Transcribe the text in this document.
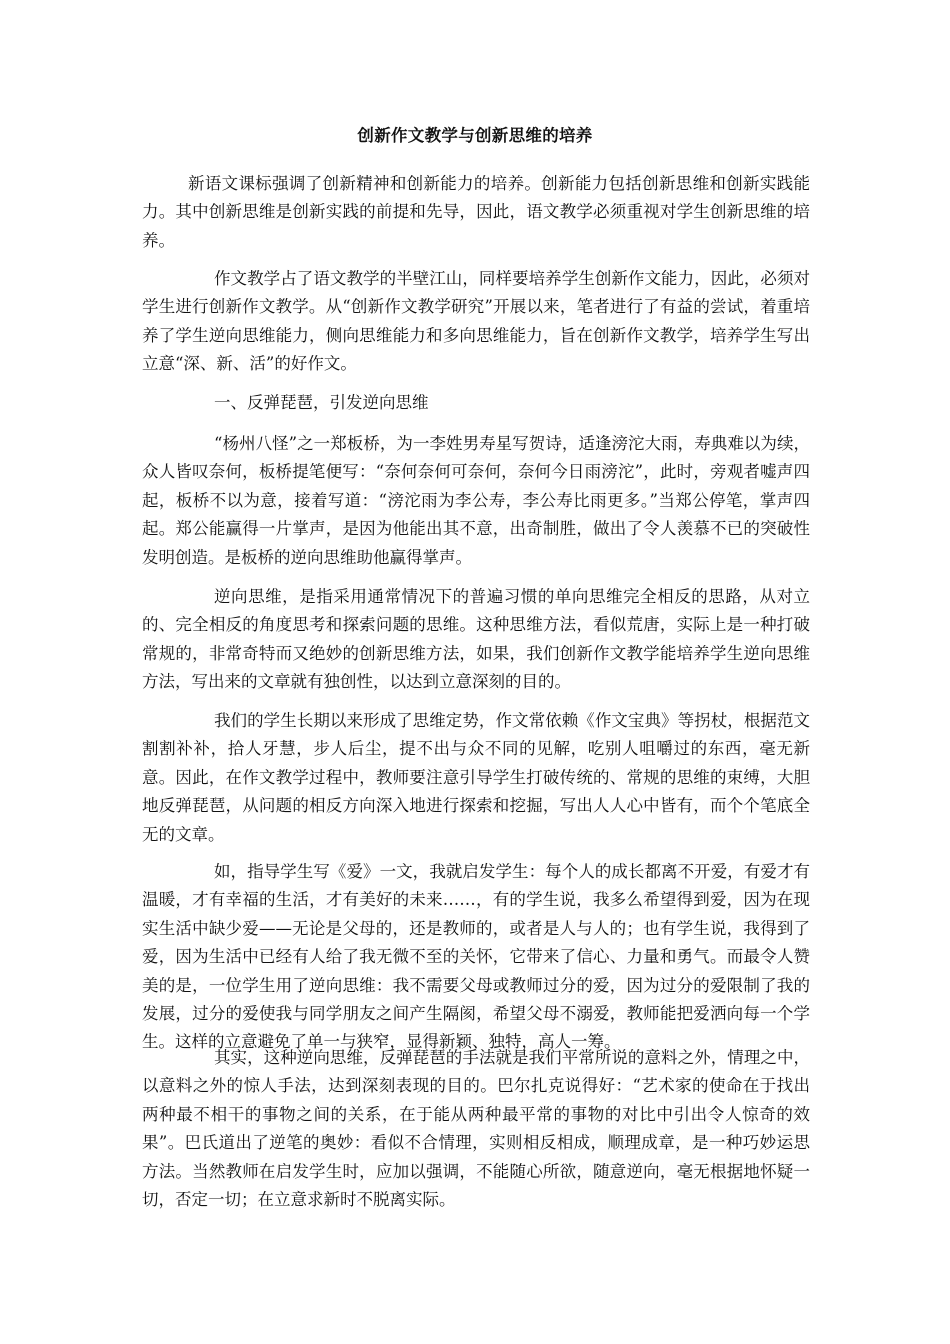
创新作文教学与创新思维的培养

新语文课标强调了创新精神和创新能力的培养。创新能力包括创新思维和创新实践能力。其中创新思维是创新实践的前提和先导，因此，语文教学必须重视对学生创新思维的培养。

作文教学占了语文教学的半壁江山，同样要培养学生创新作文能力，因此，必须对学生进行创新作文教学。从“创新作文教学研究”开展以来，笔者进行了有益的尝试，着重培养了学生逆向思维能力，侧向思维能力和多向思维能力，旨在创新作文教学，培养学生写出立意“深、新、活”的好作文。

一、反弹琵琶，引发逆向思维

“杨州八怪”之一郑板桥，为一李姓男寿星写贺诗，适逢滂沱大雨，寿典难以为续，众人皆叹奈何，板桥提笔便写：“奈何奈何可奈何，奈何今日雨滂沱”，此时，旁观者嘘声四起，板桥不以为意，接着写道：“滂沱雨为李公寿，李公寿比雨更多。”当郑公停笔，掌声四起。郑公能赢得一片掌声，是因为他能出其不意，出奇制胜，做出了令人羡慕不已的突破性发明创造。是板桥的逆向思维助他赢得掌声。

逆向思维，是指采用通常情况下的普遍习惯的单向思维完全相反的思路，从对立的、完全相反的角度思考和探索问题的思维。这种思维方法，看似荒唐，实际上是一种打破常规的，非常奇特而又绝妙的创新思维方法，如果，我们创新作文教学能培养学生逆向思维方法，写出来的文章就有独创性，以达到立意深刻的目的。

我们的学生长期以来形成了思维定势，作文常依赖《作文宝典》等拐杖，根据范文割割补补，拾人牙慧，步人后尘，提不出与众不同的见解，吃别人咀嚼过的东西，毫无新意。因此，在作文教学过程中，教师要注意引导学生打破传统的、常规的思维的束缚，大胆地反弹琵琶，从问题的相反方向深入地进行探索和挖掘，写出人人心中皆有，而个个笔底全无的文章。

如，指导学生写《爱》一文，我就启发学生：每个人的成长都离不开爱，有爱才有温暖，才有幸福的生活，才有美好的未来……，有的学生说，我多么希望得到爱，因为在现实生活中缺少爱——无论是父母的，还是教师的，或者是人与人的；也有学生说，我得到了爱，因为生活中已经有人给了我无微不至的关怀，它带来了信心、力量和勇气。而最令人赞美的是，一位学生用了逆向思维：我不需要父母或教师过分的爱，因为过分的爱限制了我的发展，过分的爱使我与同学朋友之间产生隔阂，希望父母不溺爱，教师能把爱洒向每一个学生。这样的立意避免了单一与狭窄，显得新颖、独特，高人一筹。

其实，这种逆向思维，反弹琵琶的手法就是我们平常所说的意料之外，情理之中，以意料之外的惊人手法，达到深刻表现的目的。巴尔扎克说得好：“艺术家的使命在于找出两种最不相干的事物之间的关系，在于能从两种最平常的事物的对比中引出令人惊奇的效果”。巴氏道出了逆笔的奥妙：看似不合情理，实则相反相成，顺理成章，是一种巧妙运思方法。当然教师在启发学生时，应加以强调，不能随心所欲，随意逆向，毫无根据地怀疑一切，否定一切；在立意求新时不脱离实际。
